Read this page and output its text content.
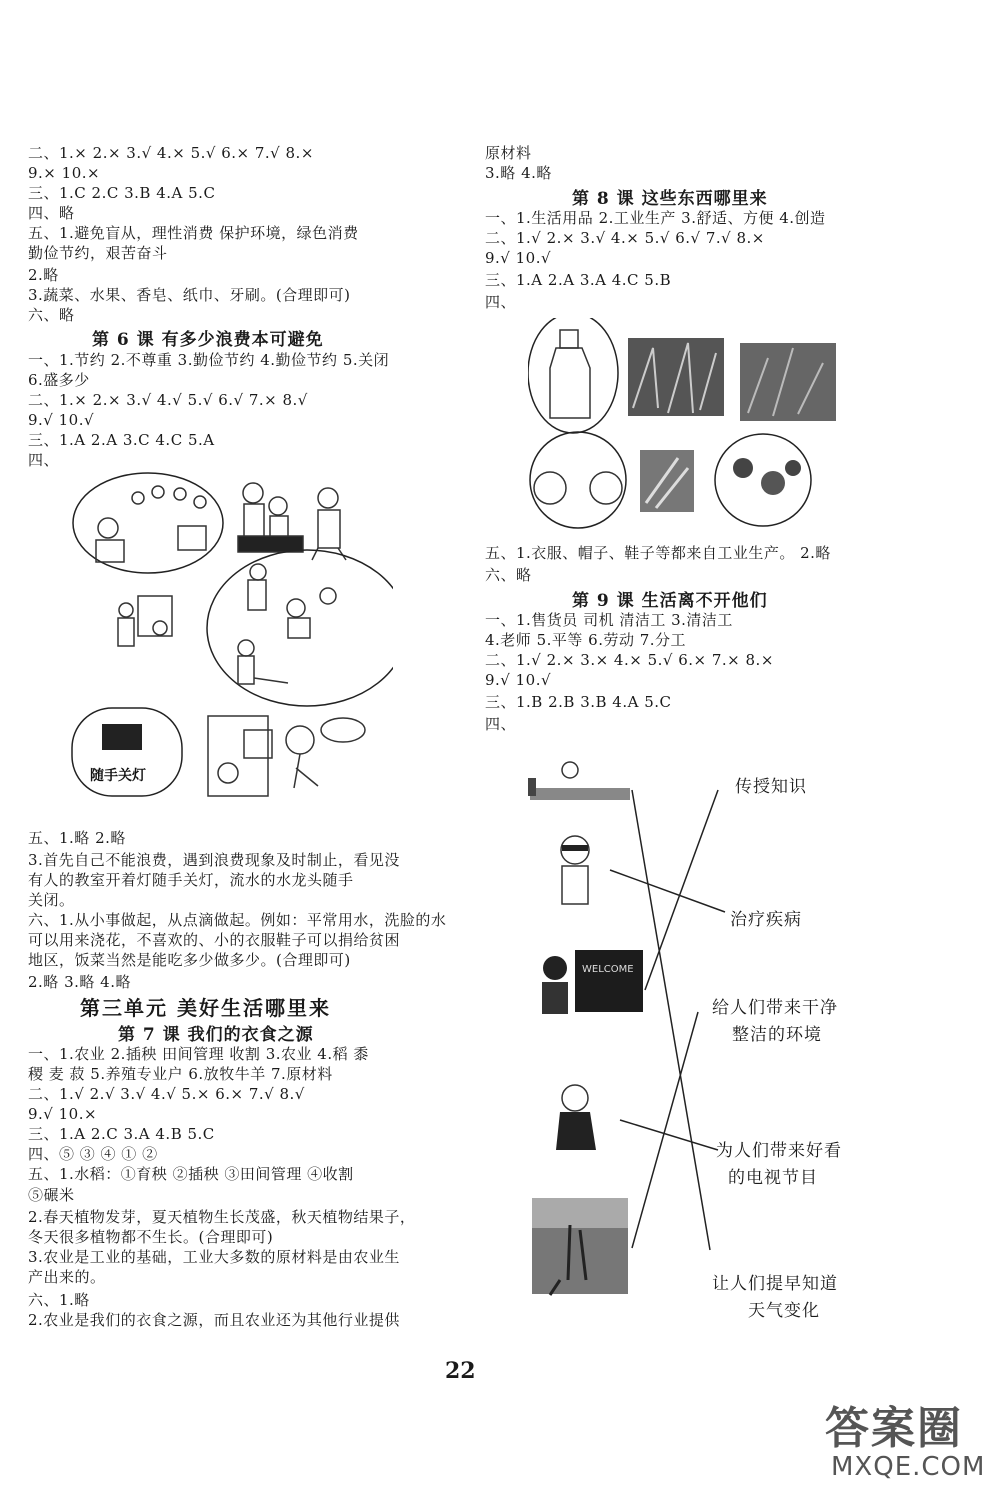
二、1.× 2.× 3.√ 4.× 5.√ 6.× 7.√ 8.×
9.× 10.×
三、1.C 2.C 3.B 4.A 5.C
四、略
五、1.避免盲从，理性消费 保护环境，绿色消费
勤俭节约，艰苦奋斗
2.略
3.蔬菜、水果、香皂、纸巾、牙刷。(合理即可)
六、略
第 6 课 有多少浪费本可避免
一、1.节约 2.不尊重 3.勤俭节约 4.勤俭节约 5.关闭
6.盛多少
二、1.× 2.× 3.√ 4.√ 5.√ 6.√ 7.× 8.√
9.√ 10.√
三、1.A 2.A 3.C 4.C 5.A
四、
随手关灯
五、1.略 2.略
3.首先自己不能浪费，遇到浪费现象及时制止，看见没
有人的教室开着灯随手关灯，流水的水龙头随手
关闭。
六、1.从小事做起，从点滴做起。例如：平常用水，洗脸的水
可以用来浇花，不喜欢的、小的衣服鞋子可以捐给贫困
地区，饭菜当然是能吃多少做多少。(合理即可)
2.略 3.略 4.略
第三单元 美好生活哪里来
第 7 课 我们的衣食之源
一、1.农业 2.插秧 田间管理 收割 3.农业 4.稻 黍
稷 麦 菽 5.养殖专业户 6.放牧牛羊 7.原材料
二、1.√ 2.√ 3.√ 4.√ 5.× 6.× 7.√ 8.√
9.√ 10.×
三、1.A 2.C 3.A 4.B 5.C
四、⑤ ③ ④ ① ②
五、1.水稻：①育秧 ②插秧 ③田间管理 ④收割
⑤碾米
2.春天植物发芽，夏天植物生长茂盛，秋天植物结果子，
冬天很多植物都不生长。(合理即可)
3.农业是工业的基础，工业大多数的原材料是由农业生
产出来的。
六、1.略
2.农业是我们的衣食之源，而且农业还为其他行业提供
原材料
3.略 4.略
第 8 课 这些东西哪里来
一、1.生活用品 2.工业生产 3.舒适、方便 4.创造
二、1.√ 2.× 3.√ 4.× 5.√ 6.√ 7.√ 8.×
9.√ 10.√
三、1.A 2.A 3.A 4.C 5.B
四、
五、1.衣服、帽子、鞋子等都来自工业生产。 2.略
六、略
第 9 课 生活离不开他们
一、1.售货员 司机 清洁工 3.清洁工
4.老师 5.平等 6.劳动 7.分工
二、1.√ 2.× 3.× 4.× 5.√ 6.× 7.× 8.×
9.√ 10.√
三、1.B 2.B 3.B 4.A 5.C
四、
WELCOME
传授知识
治疗疾病
给人们带来干净
整洁的环境
为人们带来好看
的电视节目
让人们提早知道
天气变化
22
答案圈
MXQE.COM
